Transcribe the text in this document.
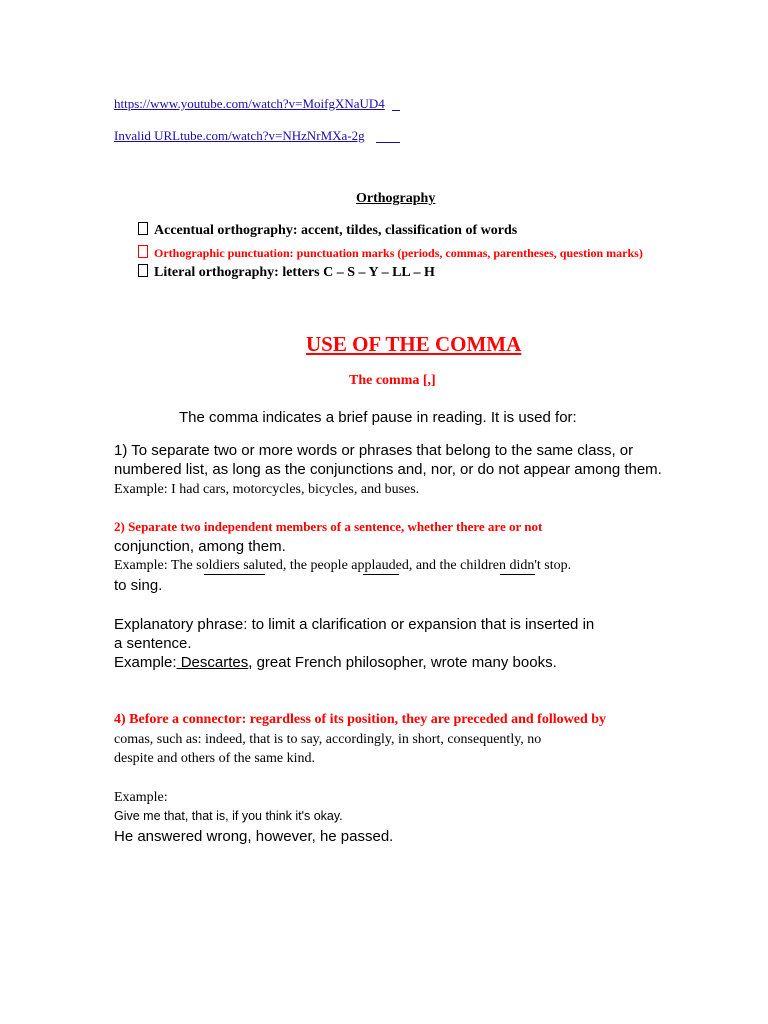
https://www.youtube.com/watch?v=MoifgXNaUD4
Invalid URLtube.com/watch?v=NHzNrMXa-2g
Orthography
Accentual orthography: accent, tildes, classification of words
Orthographic punctuation: punctuation marks (periods, commas, parentheses, question marks)
Literal orthography: letters C – S – Y – LL – H
USE OF THE COMMA
The comma [,]
The comma indicates a brief pause in reading. It is used for:
1) To separate two or more words or phrases that belong to the same class, or
numbered list, as long as the conjunctions and, nor, or do not appear among them.
Example: I had cars, motorcycles, bicycles, and buses.
2) Separate two independent members of a sentence, whether there are or not
conjunction, among them.
Example: The soldiers saluted, the people applauded, and the children didn't stop.
to sing.
Explanatory phrase: to limit a clarification or expansion that is inserted in
a sentence.
Example: Descartes, great French philosopher, wrote many books.
4) Before a connector: regardless of its position, they are preceded and followed by
comas, such as: indeed, that is to say, accordingly, in short, consequently, no
despite and others of the same kind.
Example:
Give me that, that is, if you think it's okay.
He answered wrong, however, he passed.
